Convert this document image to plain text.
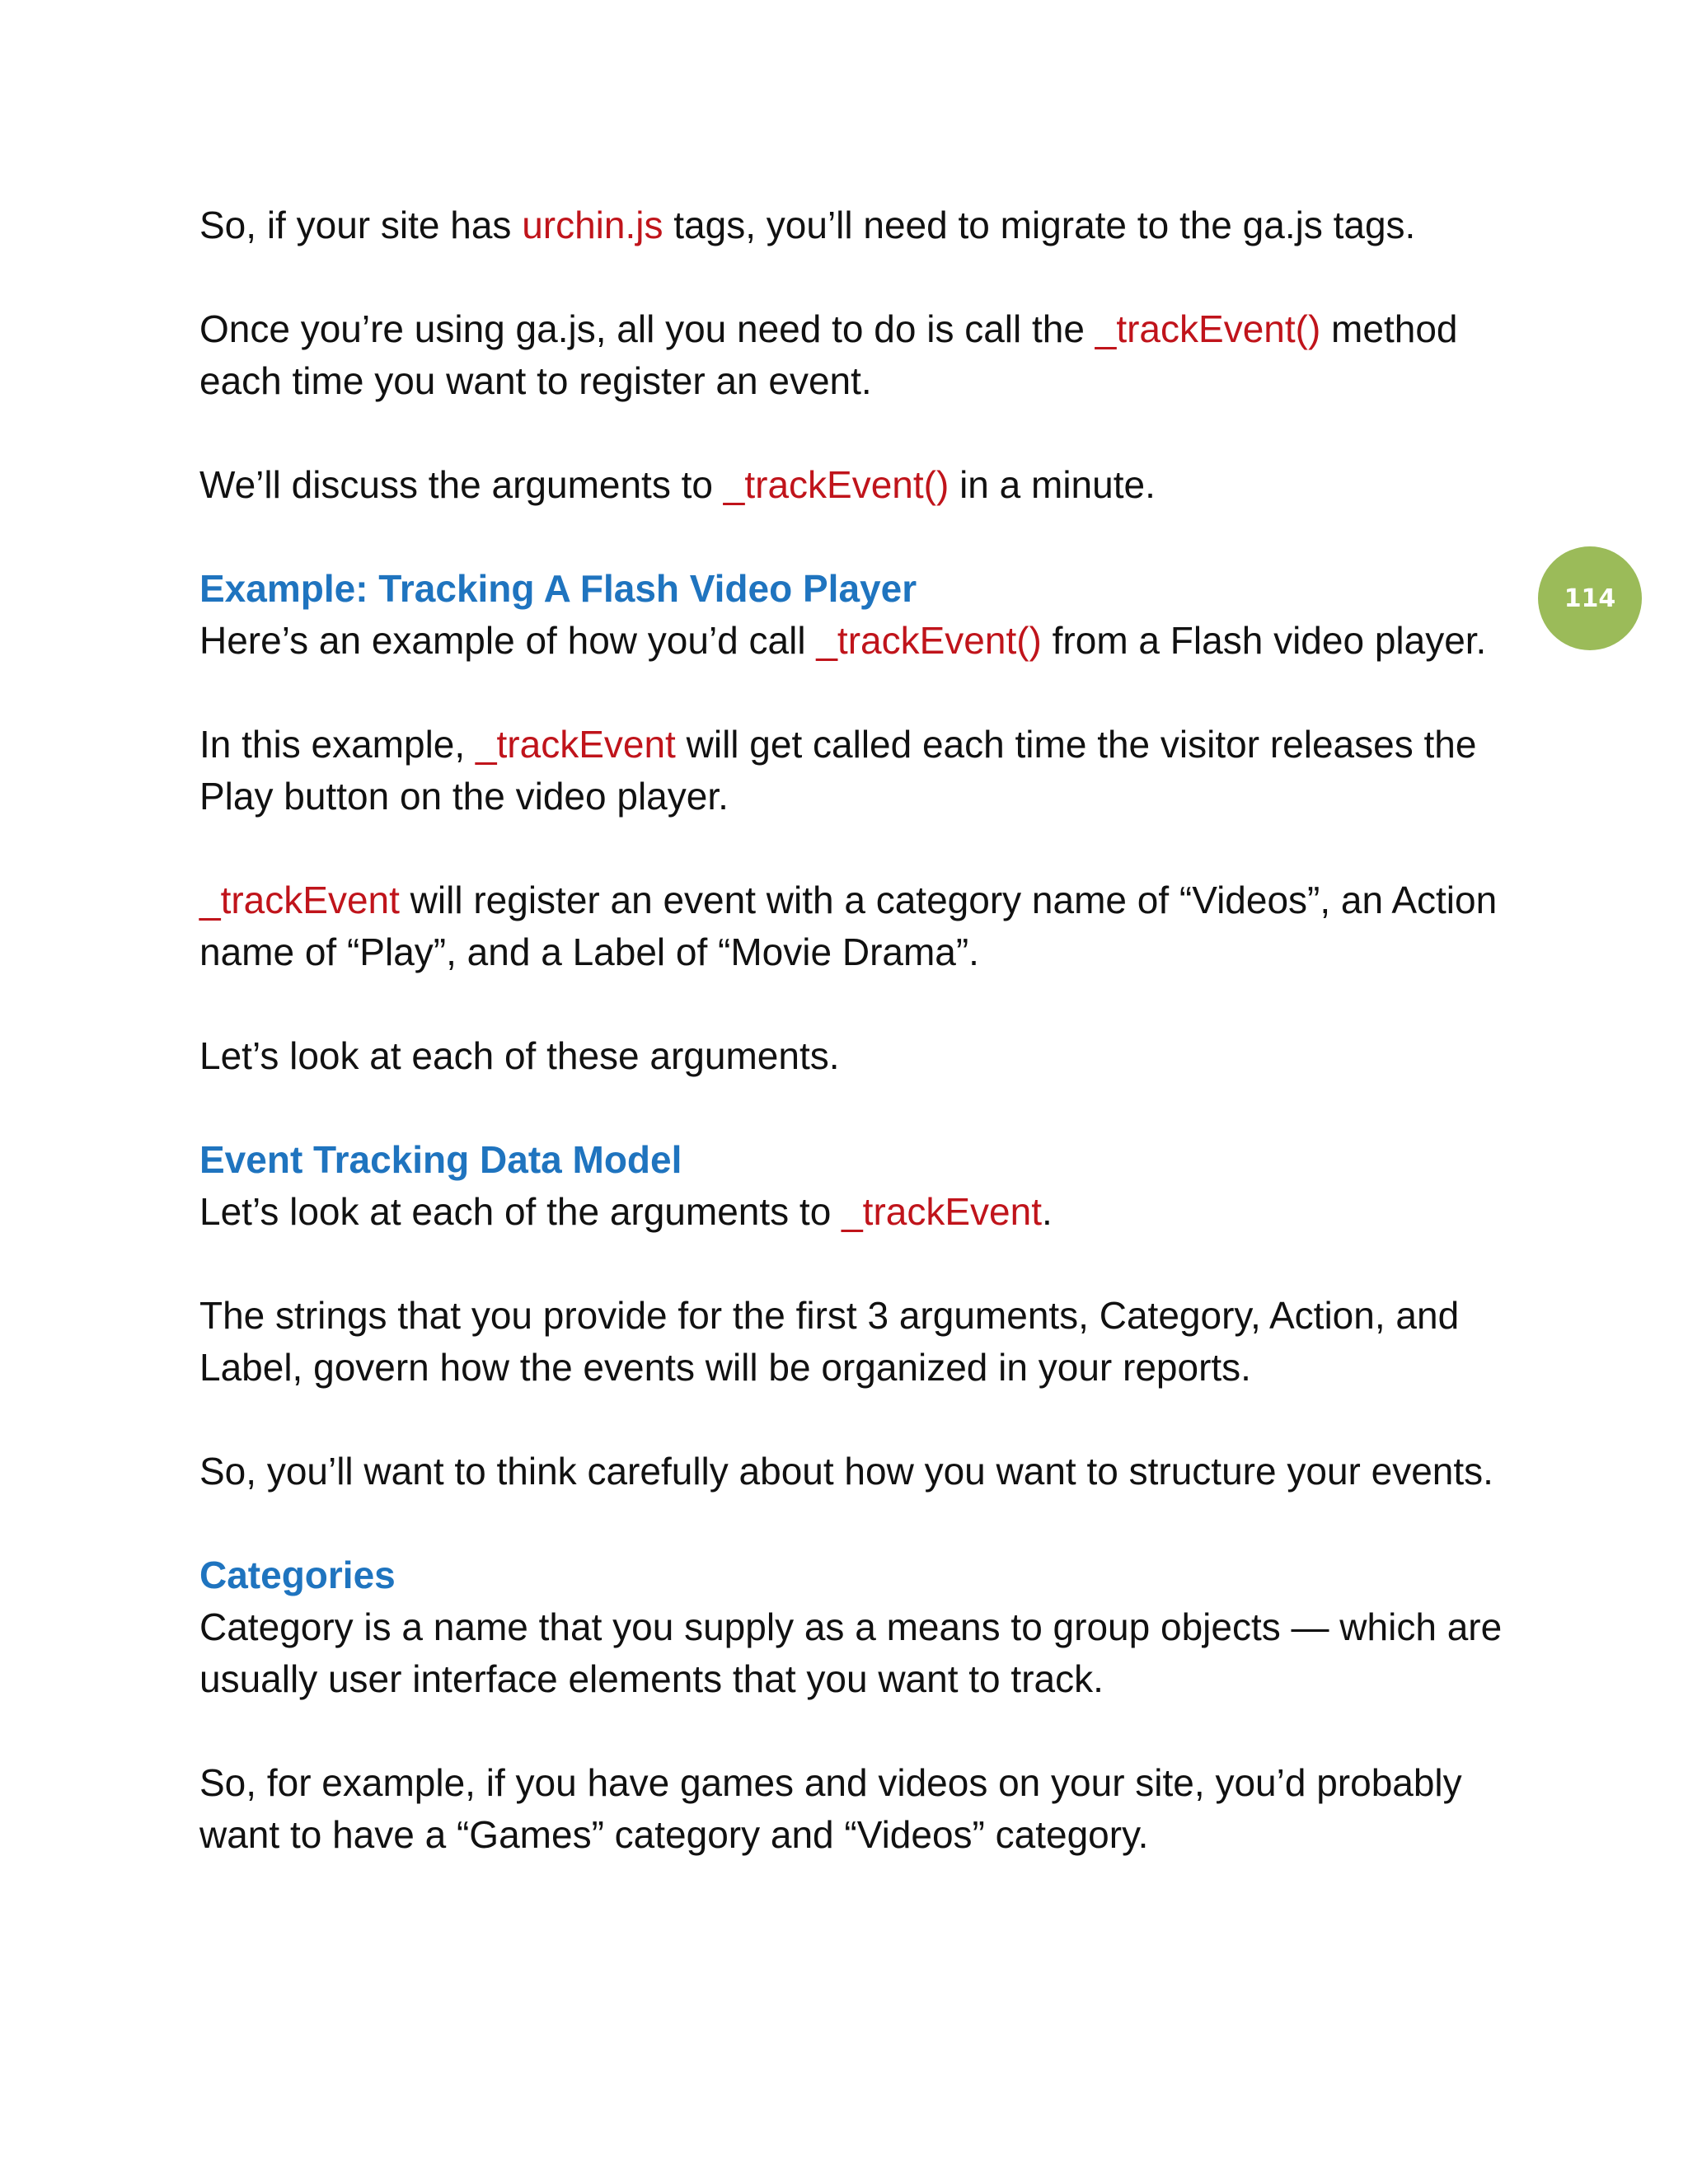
114

So, if your site has urchin.js tags, you’ll need to migrate to the ga.js tags.

Once you’re using ga.js, all you need to do is call the _trackEvent() method each time you want to register an event.

We’ll discuss the arguments to _trackEvent() in a minute.

Example: Tracking A Flash Video Player

Here’s an example of how you’d call _trackEvent() from a Flash video player.

In this example, _trackEvent will get called each time the visitor releases the Play button on the video player.

_trackEvent will register an event with a category name of “Videos”, an Action name of “Play”, and a Label of “Movie Drama”.

Let’s look at each of these arguments.

Event Tracking Data Model

Let’s look at each of the arguments to _trackEvent.

The strings that you provide for the first 3 arguments, Category, Action, and Label, govern how the events will be organized in your reports.

So, you’ll want to think carefully about how you want to structure your events.

Categories

Category is a name that you supply as a means to group objects — which are usually user interface elements that you want to track.

So, for example, if you have games and videos on your site, you’d probably want to have a “Games” category and “Videos” category.
